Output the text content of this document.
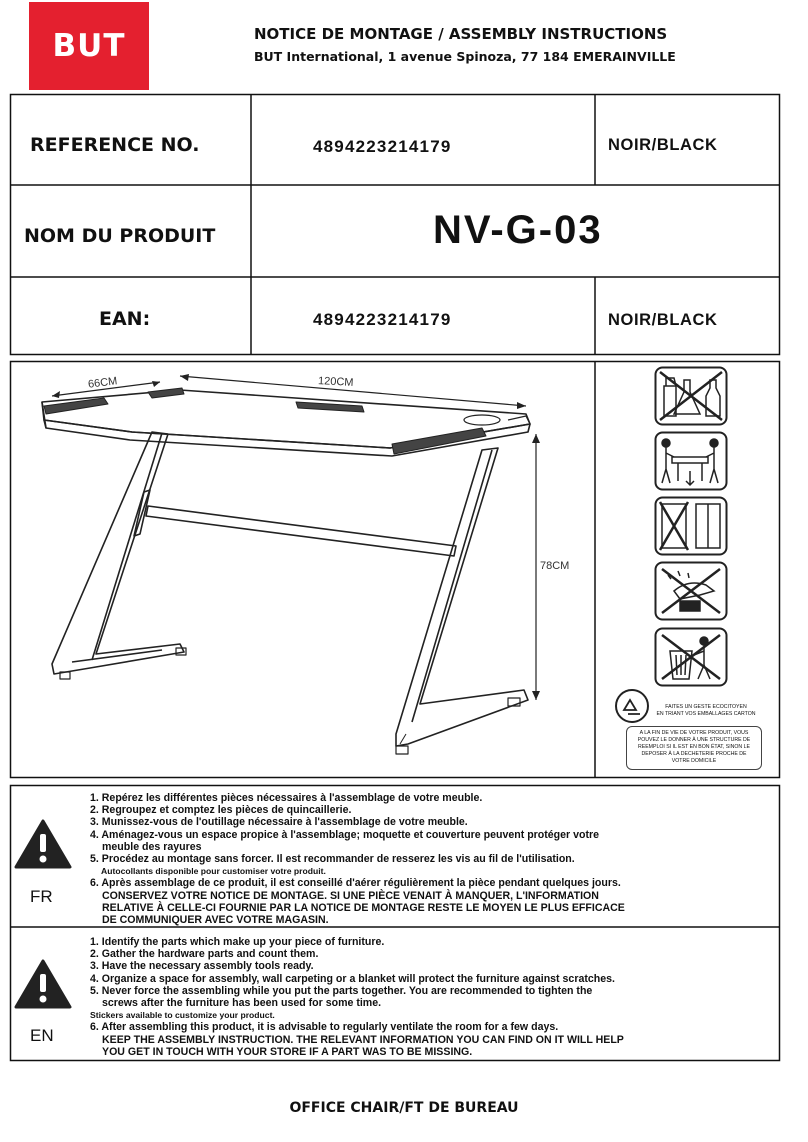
BUT	NOTICE DE MONTAGE / ASSEMBLY INSTRUCTIONS
BUT International, 1 avenue Spinoza, 77 184 EMERAINVILLE
REFERENCE NO.	4894223214179	NOIR/BLACK
NOM DU PRODUIT	NV-G-03
EAN:	4894223214179	NOIR/BLACK
66CM	120CM
78CM
FAITES UN GESTE ECOCITOYEN
EN TRIANT VOS EMBALLAGES CARTON
A LA FIN DE VIE DE VOTRE PRODUIT, VOUS
POUVEZ LE DONNER À UNE STRUCTURE DE
REEMPLOI SI IL EST EN BON ÉTAT, SINON LE
DEPOSER À LA DECHETERIE PROCHE DE
VOTRE DOMICILE
FR
1. Repérez les différentes pièces nécessaires à l'assemblage de votre meuble.
2. Regroupez et comptez les pièces de quincaillerie.
3. Munissez-vous de l'outillage nécessaire à l'assemblage de votre meuble.
4. Aménagez-vous un espace propice à l'assemblage; moquette et couverture peuvent protéger votre
meuble des rayures
5. Procédez au montage sans forcer. Il est recommander de resserez les vis au fil de l'utilisation.
Autocollants disponible pour customiser votre produit.
6. Après assemblage de ce produit, il est conseillé d'aérer régulièrement la pièce pendant quelques jours.
CONSERVEZ VOTRE NOTICE DE MONTAGE. SI UNE PIÈCE VENAIT À MANQUER, L'INFORMATION
RELATIVE À CELLE-CI FOURNIE PAR LA NOTICE DE MONTAGE RESTE LE MOYEN LE PLUS EFFICACE
DE COMMUNIQUER AVEC VOTRE MAGASIN.
EN
1. Identify the parts which make up your piece of furniture.
2. Gather the hardware parts and count them.
3. Have the necessary assembly tools ready.
4. Organize a space for assembly, wall carpeting or a blanket will protect the furniture against scratches.
5. Never force the assembling while you put the parts together. You are recommended to tighten the
screws after the furniture has been used for some time.
Stickers available to customize your product.
6. After assembling this product, it is advisable to regularly ventilate the room for a few days.
KEEP THE ASSEMBLY INSTRUCTION. THE RELEVANT INFORMATION YOU CAN FIND ON IT WILL HELP
YOU GET IN TOUCH WITH YOUR STORE IF A PART WAS TO BE MISSING.
OFFICE CHAIR/FT DE BUREAU
